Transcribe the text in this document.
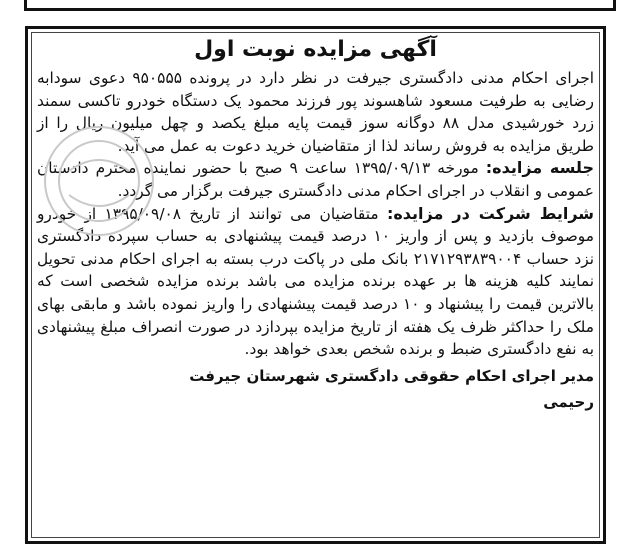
آگهی مزایده نوبت اول

اجرای احکام مدنی دادگستری جیرفت در نظر دارد در پرونده ۹۵۰۵۵۵ دعوی سودابه رضایی به طرفیت مسعود شاهسوند پور فرزند محمود یک دستگاه خودرو تاکسی سمند زرد خورشیدی مدل ۸۸ دوگانه سوز قیمت پایه مبلغ یکصد و چهل میلیون ریال را از طریق مزایده به فروش رساند لذا از متقاضیان خرید دعوت به عمل می آید.

جلسه مزایده: مورخه ۱۳۹۵/۰۹/۱۳ ساعت ۹ صبح با حضور نماینده محترم دادستان عمومی و انقلاب در اجرای احکام مدنی دادگستری جیرفت برگزار می گردد.

شرایط شرکت در مزایده: متقاضیان می توانند از تاریخ ۱۳۹۵/۰۹/۰۸ از خودرو موصوف بازدید و پس از واریز ۱۰ درصد قیمت پیشنهادی به حساب سپرده دادگستری نزد حساب ۲۱۷۱۲۹۳۸۳۹۰۰۴ بانک ملی در پاکت درب بسته به اجرای احکام مدنی تحویل نمایند کلیه هزینه ها بر عهده برنده مزایده می باشد برنده مزایده شخصی است که بالاترین قیمت را پیشنهاد و ۱۰ درصد قیمت پیشنهادی را واریز نموده باشد و مابقی بهای ملک را حداکثر ظرف یک هفته از تاریخ مزایده بپردازد در صورت انصراف مبلغ پیشنهادی به نفع دادگستری ضبط و برنده شخص بعدی خواهد بود.

مدیر اجرای احکام حقوقی دادگستری شهرستان جیرفت
رحیمی
